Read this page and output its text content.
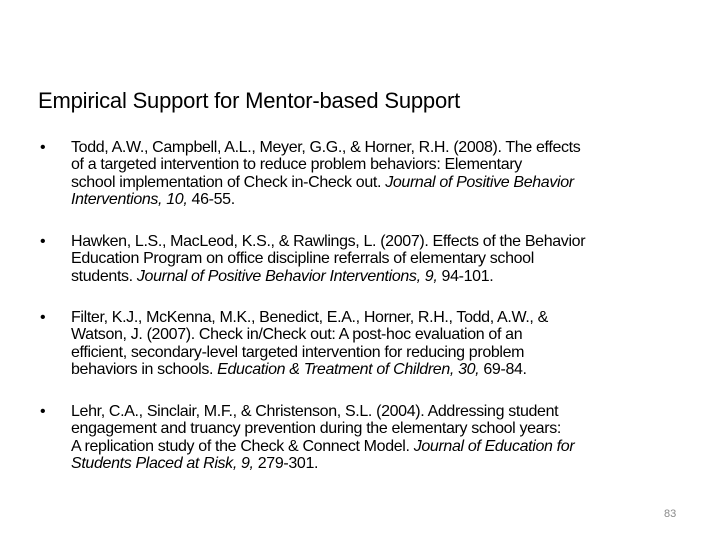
Empirical Support for Mentor-based Support
• Todd, A.W., Campbell, A.L., Meyer, G.G., & Horner, R.H. (2008). The effects
of a targeted intervention to reduce problem behaviors: Elementary
school implementation of Check in-Check out. Journal of Positive Behavior
Interventions, 10, 46-55.
• Hawken, L.S., MacLeod, K.S., & Rawlings, L. (2007). Effects of the Behavior
Education Program on office discipline referrals of elementary school
students. Journal of Positive Behavior Interventions, 9, 94-101.
• Filter, K.J., McKenna, M.K., Benedict, E.A., Horner, R.H., Todd, A.W., &
Watson, J. (2007). Check in/Check out: A post-hoc evaluation of an
efficient, secondary-level targeted intervention for reducing problem
behaviors in schools. Education & Treatment of Children, 30, 69-84.
• Lehr, C.A., Sinclair, M.F., & Christenson, S.L. (2004). Addressing student
engagement and truancy prevention during the elementary school years:
A replication study of the Check & Connect Model. Journal of Education for
Students Placed at Risk, 9, 279-301.
83
